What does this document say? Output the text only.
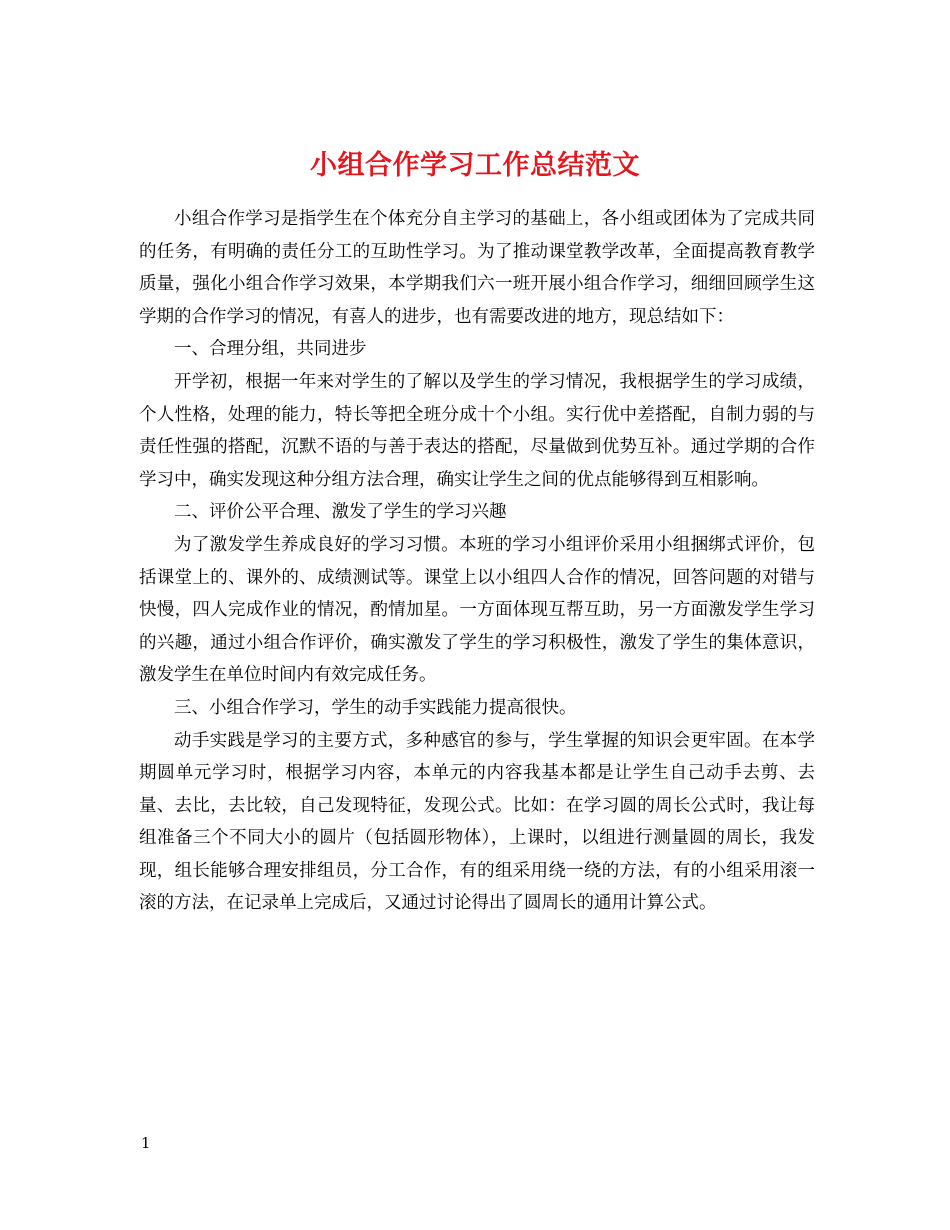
小组合作学习工作总结范文

小组合作学习是指学生在个体充分自主学习的基础上，各小组或团体为了完成共同的任务，有明确的责任分工的互助性学习。为了推动课堂教学改革，全面提高教育教学质量，强化小组合作学习效果，本学期我们六一班开展小组合作学习，细细回顾学生这学期的合作学习的情况，有喜人的进步，也有需要改进的地方，现总结如下：

一、合理分组，共同进步

开学初，根据一年来对学生的了解以及学生的学习情况，我根据学生的学习成绩，个人性格，处理的能力，特长等把全班分成十个小组。实行优中差搭配，自制力弱的与责任性强的搭配，沉默不语的与善于表达的搭配，尽量做到优势互补。通过学期的合作学习中，确实发现这种分组方法合理，确实让学生之间的优点能够得到互相影响。

二、评价公平合理、激发了学生的学习兴趣

为了激发学生养成良好的学习习惯。本班的学习小组评价采用小组捆绑式评价，包括课堂上的、课外的、成绩测试等。课堂上以小组四人合作的情况，回答问题的对错与快慢，四人完成作业的情况，酌情加星。一方面体现互帮互助，另一方面激发学生学习的兴趣，通过小组合作评价，确实激发了学生的学习积极性，激发了学生的集体意识，激发学生在单位时间内有效完成任务。

三、小组合作学习，学生的动手实践能力提高很快。

动手实践是学习的主要方式，多种感官的参与，学生掌握的知识会更牢固。在本学期圆单元学习时，根据学习内容，本单元的内容我基本都是让学生自己动手去剪、去量、去比，去比较，自己发现特征，发现公式。比如：在学习圆的周长公式时，我让每组准备三个不同大小的圆片（包括圆形物体），上课时，以组进行测量圆的周长，我发现，组长能够合理安排组员，分工合作，有的组采用绕一绕的方法，有的小组采用滚一滚的方法，在记录单上完成后，又通过讨论得出了圆周长的通用计算公式。

1
